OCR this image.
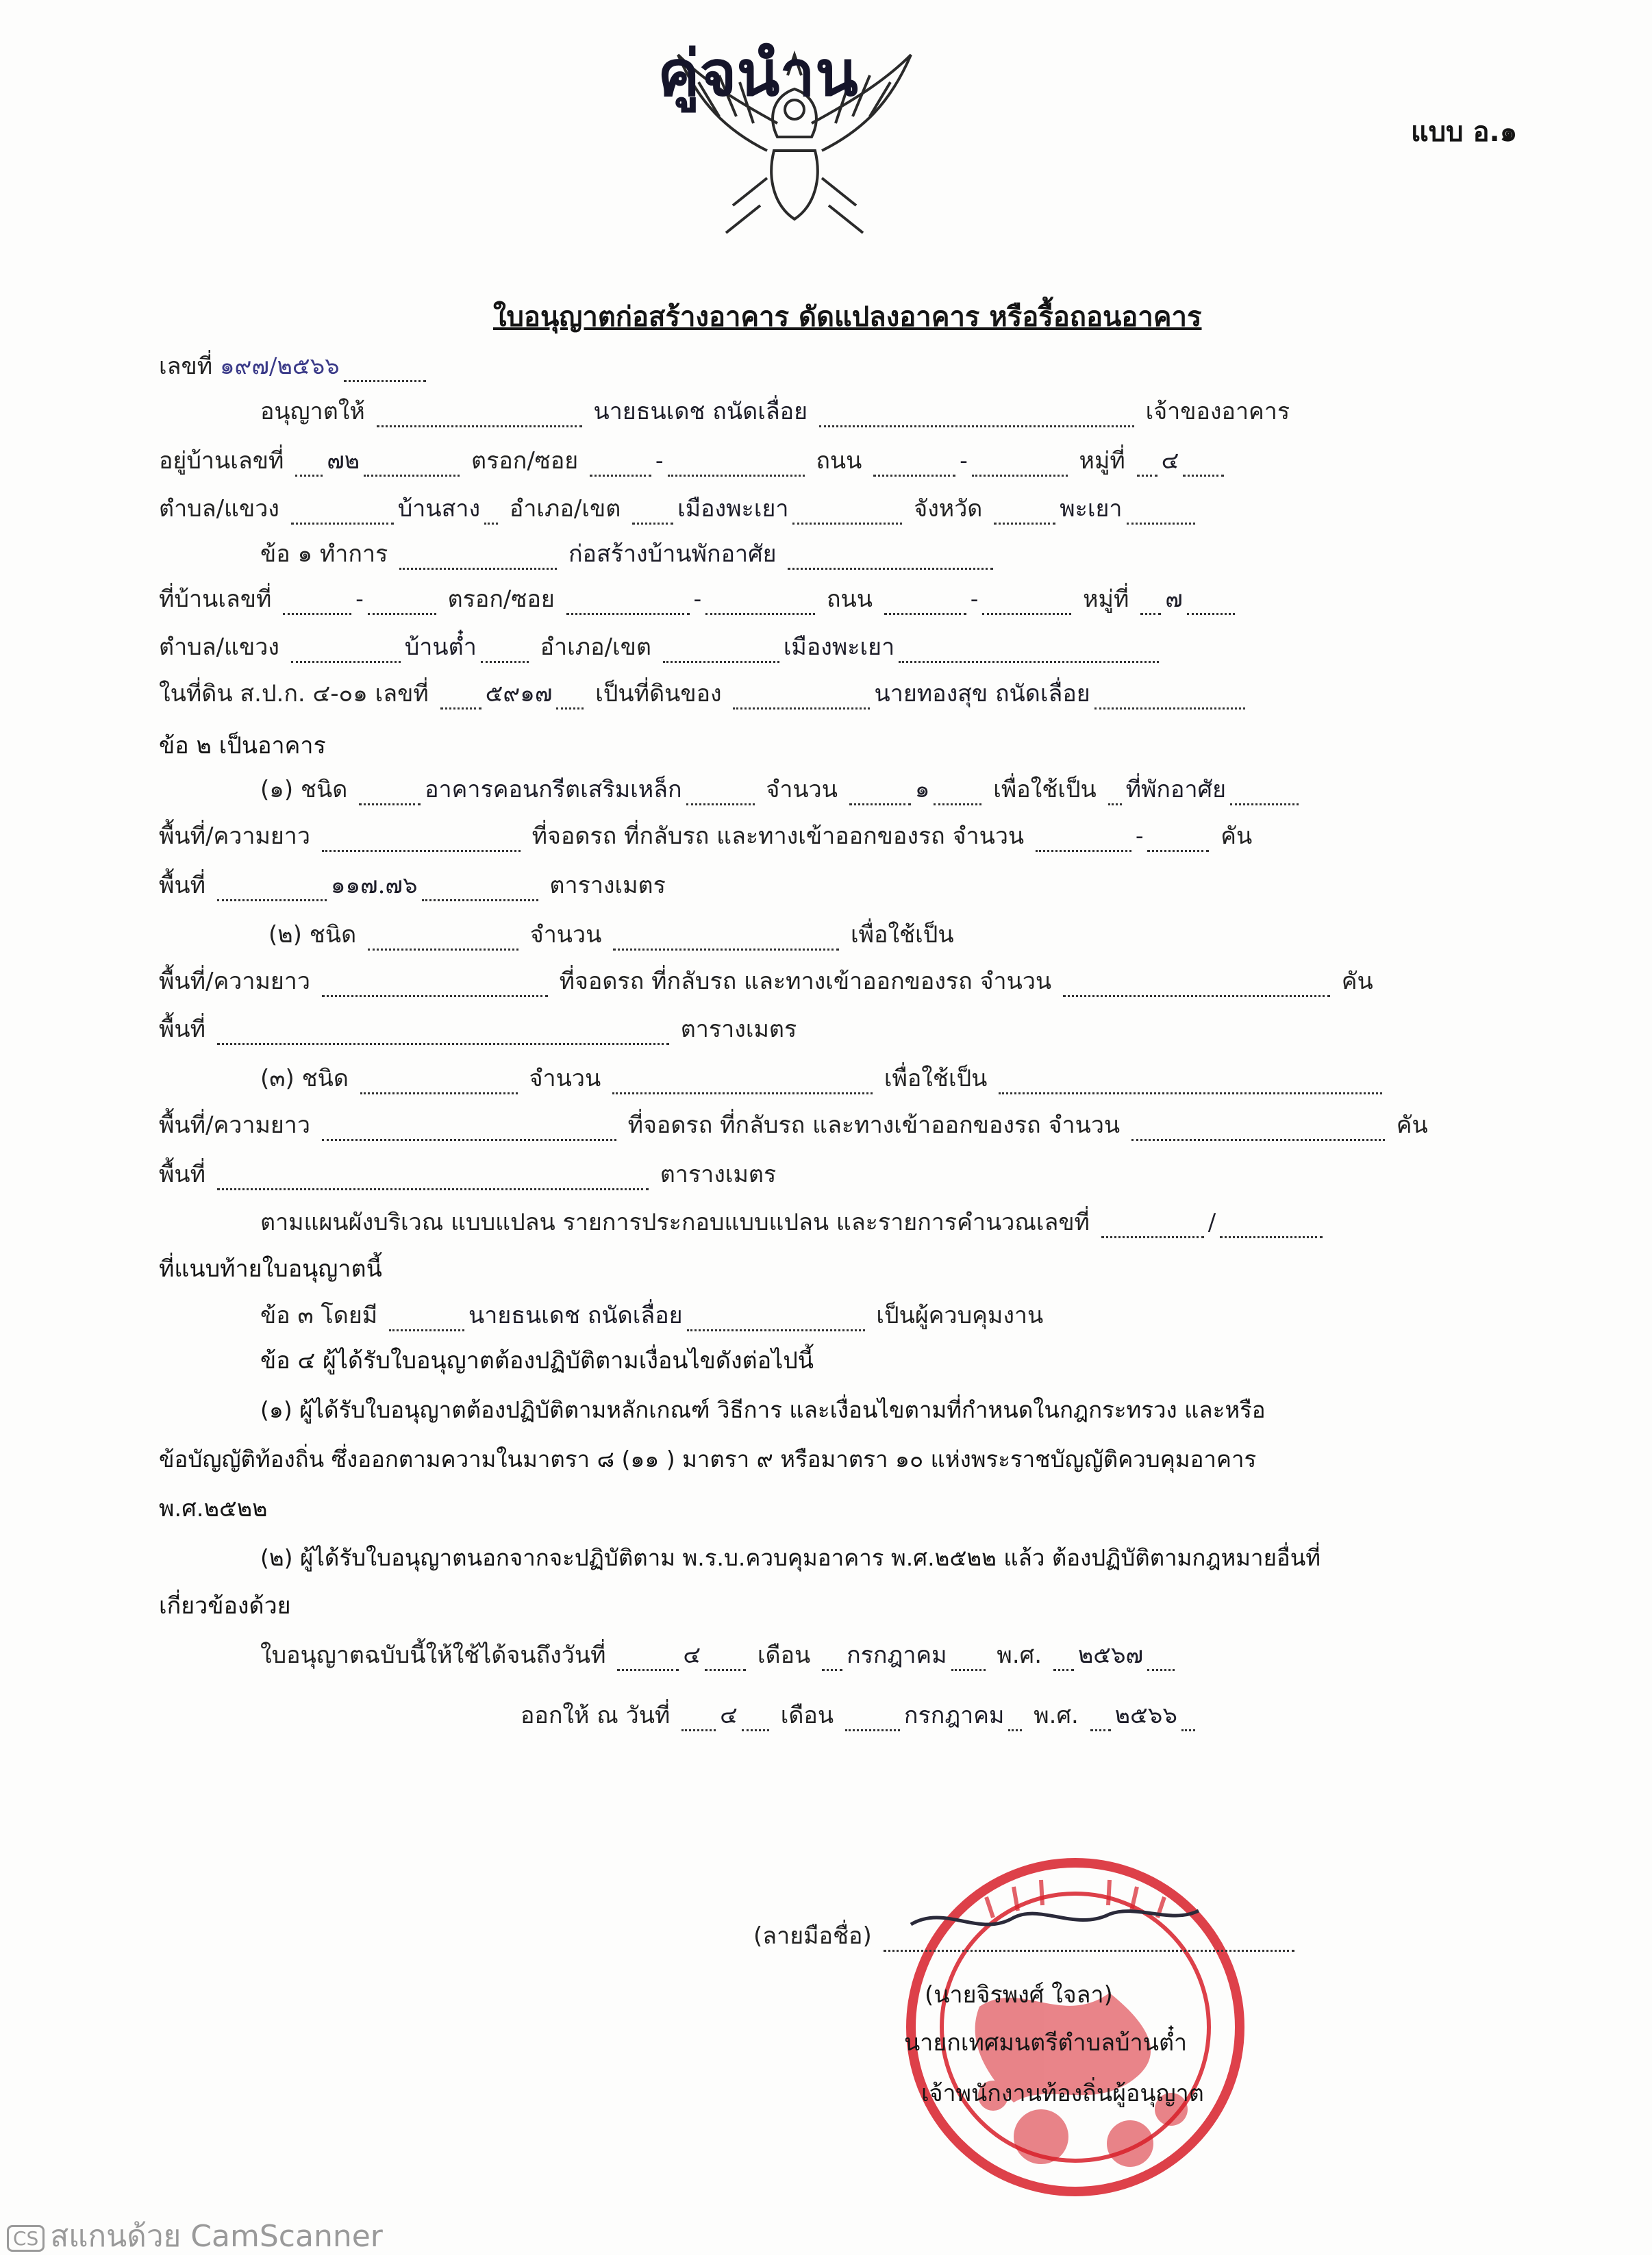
คู่จนำน
แบบ อ.๑
ใบอนุญาตก่อสร้างอาคาร ดัดแปลงอาคาร หรือรื้อถอนอาคาร
เลขที่ ๑๙๗/๒๕๖๖
อนุญาตให้	นายธนเดช ถนัดเลื่อย	เจ้าของอาคาร
อยู่บ้านเลขที่ ๗๒	ตรอก/ซอย	-	ถนน	-	หมู่ที่ ๔
ตำบล/แขวง	บ้านสาง อำเภอ/เขต เมืองพะเยา	จังหวัด	พะเยา
ข้อ ๑ ทำการ	ก่อสร้างบ้านพักอาศัย
ที่บ้านเลขที่	-	ตรอก/ซอย	-	ถนน	-	หมู่ที่ ๗
ตำบล/แขวง	บ้านต๋ำ	อำเภอ/เขต	เมืองพะเยา
ในที่ดิน ส.ป.ก. ๔-๐๑ เลขที่ ๕๙๑๗ เป็นที่ดินของ	นายทองสุข ถนัดเลื่อย
ข้อ ๒ เป็นอาคาร
(๑) ชนิด	อาคารคอนกรีตเสริมเหล็ก	จำนวน	๑	เพื่อใช้เป็น ที่พักอาศัย
พื้นที่/ความยาว	ที่จอดรถ ที่กลับรถ และทางเข้าออกของรถ จำนวน	-	คัน
พื้นที่	๑๑๗.๗๖	ตารางเมตร
(๒) ชนิด	จำนวน	เพื่อใช้เป็น
พื้นที่/ความยาว	ที่จอดรถ ที่กลับรถ และทางเข้าออกของรถ จำนวน	คัน
พื้นที่	ตารางเมตร
(๓) ชนิด	จำนวน	เพื่อใช้เป็น
พื้นที่/ความยาว	ที่จอดรถ ที่กลับรถ และทางเข้าออกของรถ จำนวน	คัน
พื้นที่	ตารางเมตร
ตามแผนผังบริเวณ แบบแปลน รายการประกอบแบบแปลน และรายการคำนวณเลขที่	/
ที่แนบท้ายใบอนุญาตนี้
ข้อ ๓ โดยมี	นายธนเดช ถนัดเลื่อย	เป็นผู้ควบคุมงาน
ข้อ ๔ ผู้ได้รับใบอนุญาตต้องปฏิบัติตามเงื่อนไขดังต่อไปนี้
(๑) ผู้ได้รับใบอนุญาตต้องปฏิบัติตามหลักเกณฑ์ วิธีการ และเงื่อนไขตามที่กำหนดในกฎกระทรวง และหรือ
ข้อบัญญัติท้องถิ่น ซึ่งออกตามความในมาตรา ๘ (๑๑ ) มาตรา ๙ หรือมาตรา ๑๐ แห่งพระราชบัญญัติควบคุมอาคาร
พ.ศ.๒๕๒๒
(๒) ผู้ได้รับใบอนุญาตนอกจากจะปฏิบัติตาม พ.ร.บ.ควบคุมอาคาร พ.ศ.๒๕๒๒ แล้ว ต้องปฏิบัติตามกฎหมายอื่นที่
เกี่ยวข้องด้วย
ใบอนุญาตฉบับนี้ให้ใช้ได้จนถึงวันที่	๔ เดือน กรกฎาคม พ.ศ. ๒๕๖๗
ออกให้ ณ วันที่ ๔ เดือน	กรกฎาคม พ.ศ. ๒๕๖๖
(ลายมือชื่อ)
(นายจิรพงศ์ ใจลา)
นายกเทศมนตรีตำบลบ้านต๋ำ
เจ้าพนักงานท้องถิ่นผู้อนุญาต
CS สแกนด้วย CamScanner
